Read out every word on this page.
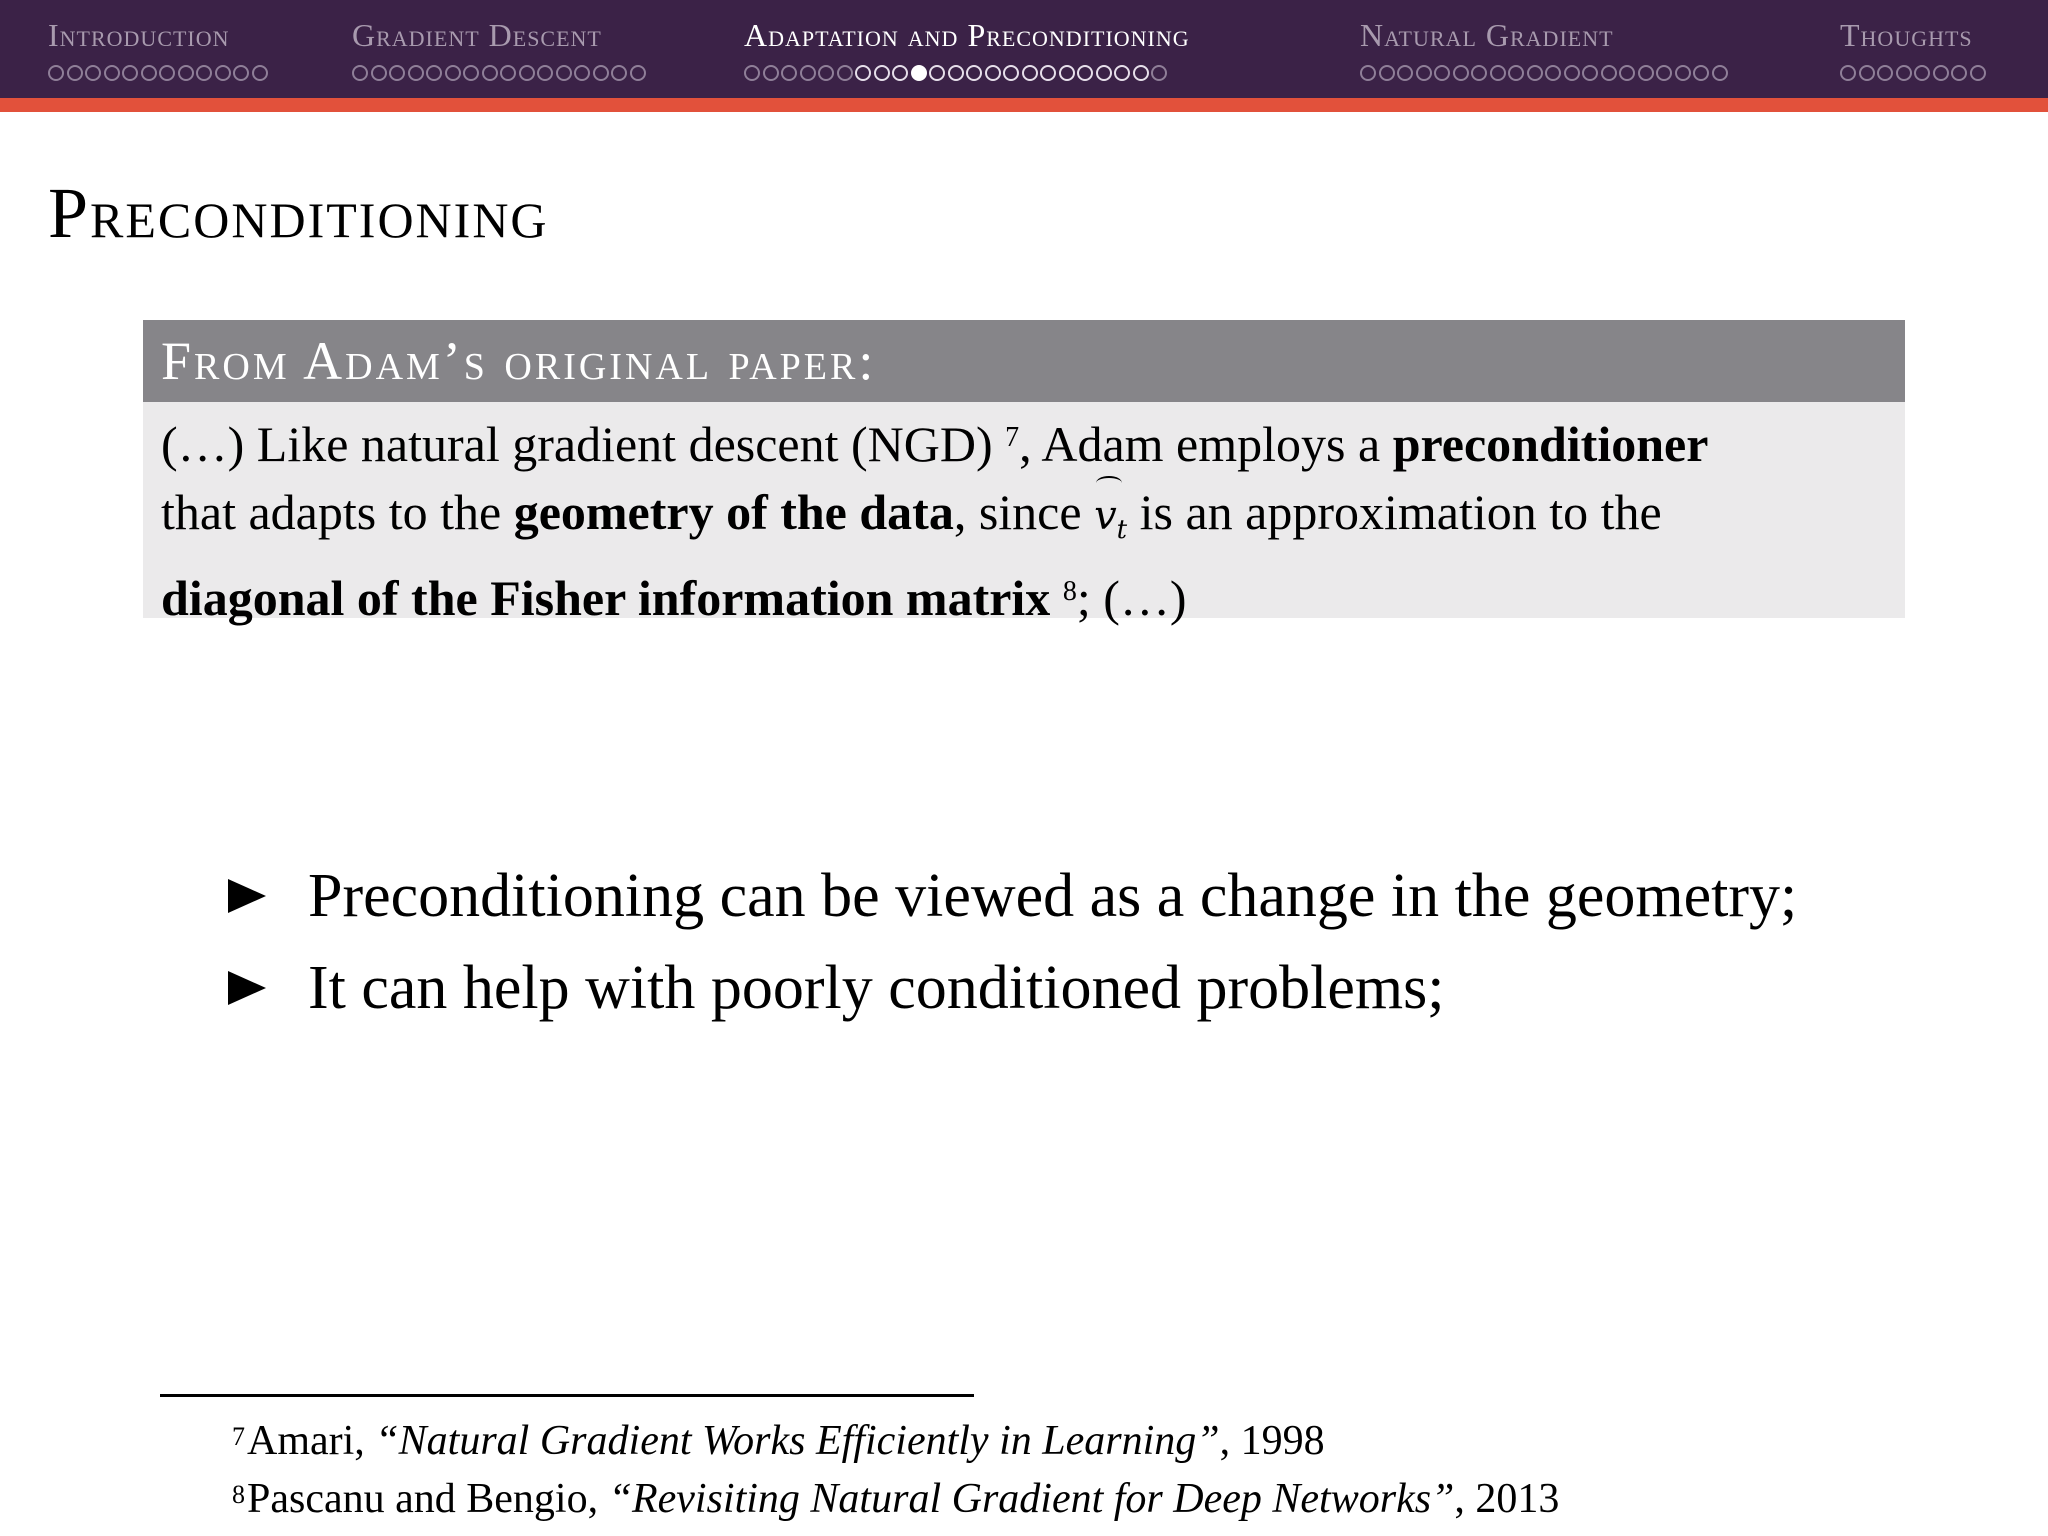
Introduction	Gradient Descent	Adaptation and Preconditioning	Natural Gradient	Thoughts
Preconditioning
From Adam’s original paper:
(…) Like natural gradient descent (NGD) $^7$, Adam employs a preconditioner
that adapts to the geometry of the data, since $v_t$ is an approximation to the
diagonal of the Fisher information matrix $^8$; (…)
Preconditioning can be viewed as a change in the geometry;
It can help with poorly conditioned problems;
$^7$Amari, “Natural Gradient Works Efficiently in Learning”, 1998
$^8$Pascanu and Bengio, “Revisiting Natural Gradient for Deep Networks”, 2013
